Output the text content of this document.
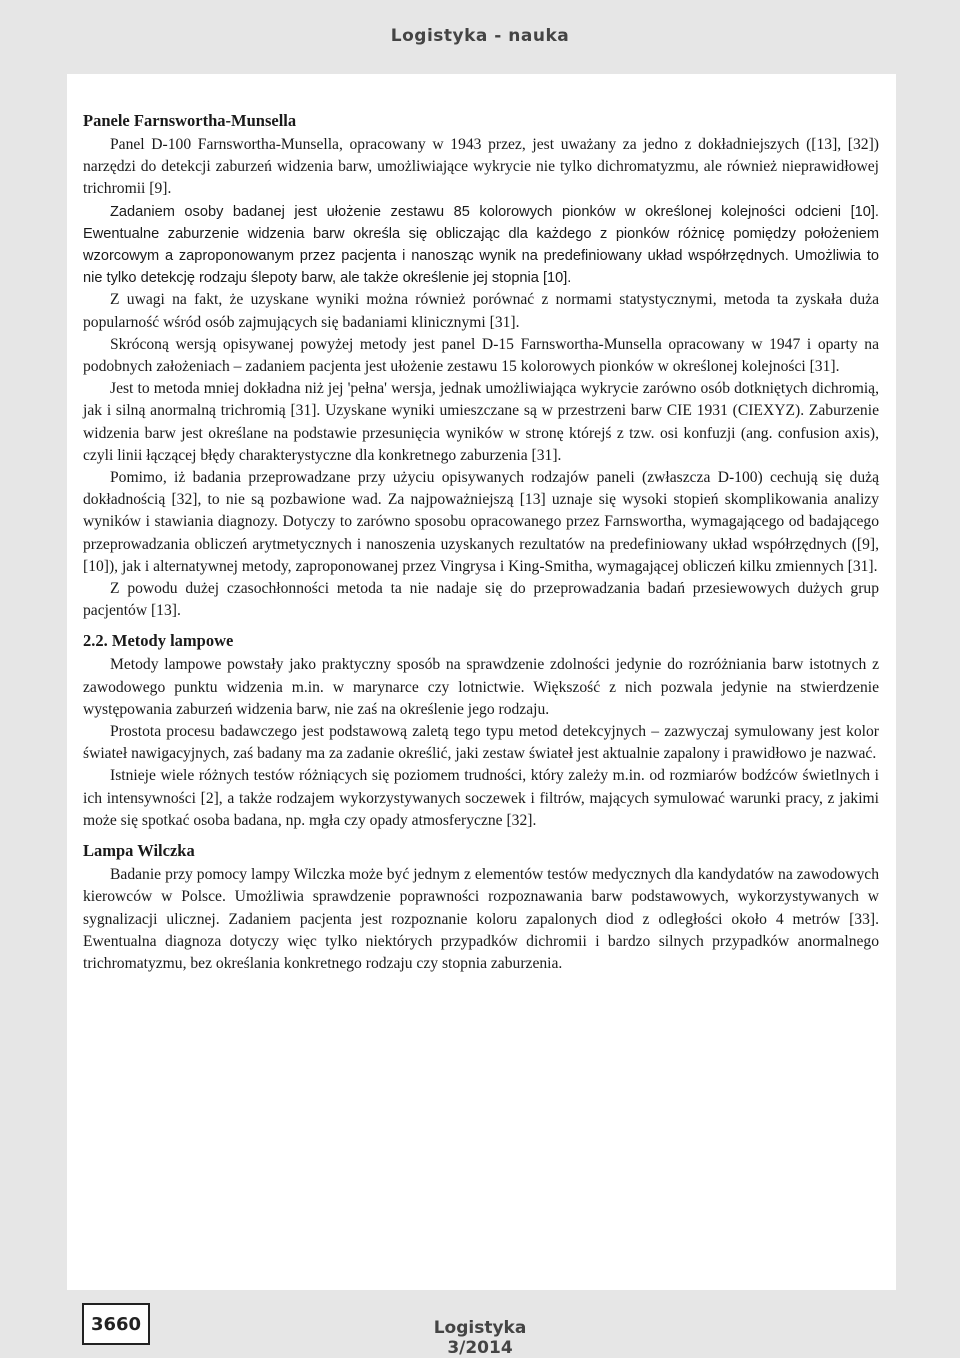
Logistyka - nauka
Panele Farnswortha-Munsella

Panel D-100 Farnswortha-Munsella, opracowany w 1943 przez, jest uważany za jedno z dokładniejszych ([13], [32]) narzędzi do detekcji zaburzeń widzenia barw, umożliwiające wykrycie nie tylko dichromatyzmu, ale również nieprawidłowej trichromii [9].

Zadaniem osoby badanej jest ułożenie zestawu 85 kolorowych pionków w określonej kolejności odcieni [10]. Ewentualne zaburzenie widzenia barw określa się obliczając dla każdego z pionków różnicę pomiędzy położeniem wzorcowym a zaproponowanym przez pacjenta i nanosząc wynik na predefiniowany układ współrzędnych. Umożliwia to nie tylko detekcję rodzaju ślepoty barw, ale także określenie jej stopnia [10].

Z uwagi na fakt, że uzyskane wyniki można również porównać z normami statystycznymi, metoda ta zyskała duża popularność wśród osób zajmujących się badaniami klinicznymi [31].

Skróconą wersją opisywanej powyżej metody jest panel D-15 Farnswortha-Munsella opracowany w 1947 i oparty na podobnych założeniach – zadaniem pacjenta jest ułożenie zestawu 15 kolorowych pionków w określonej kolejności [31].

Jest to metoda mniej dokładna niż jej 'pełna' wersja, jednak umożliwiająca wykrycie zarówno osób dotkniętych dichromią, jak i silną anormalną trichromią [31]. Uzyskane wyniki umieszczane są w przestrzeni barw CIE 1931 (CIEXYZ). Zaburzenie widzenia barw jest określane na podstawie przesunięcia wyników w stronę którejś z tzw. osi konfuzji (ang. confusion axis), czyli linii łączącej błędy charakterystyczne dla konkretnego zaburzenia [31].

Pomimo, iż badania przeprowadzane przy użyciu opisywanych rodzajów paneli (zwłaszcza D-100) cechują się dużą dokładnością [32], to nie są pozbawione wad. Za najpoważniejszą [13] uznaje się wysoki stopień skomplikowania analizy wyników i stawiania diagnozy. Dotyczy to zarówno sposobu opracowanego przez Farnswortha, wymagającego od badającego przeprowadzania obliczeń arytmetycznych i nanoszenia uzyskanych rezultatów na predefiniowany układ współrzędnych ([9], [10]), jak i alternatywnej metody, zaproponowanej przez Vingrysa i King-Smitha, wymagającej obliczeń kilku zmiennych [31].

Z powodu dużej czasochłonności metoda ta nie nadaje się do przeprowadzania badań przesiewowych dużych grup pacjentów [13].

2.2. Metody lampowe

Metody lampowe powstały jako praktyczny sposób na sprawdzenie zdolności jedynie do rozróżniania barw istotnych z zawodowego punktu widzenia m.in. w marynarce czy lotnictwie. Większość z nich pozwala jedynie na stwierdzenie występowania zaburzeń widzenia barw, nie zaś na określenie jego rodzaju.

Prostota procesu badawczego jest podstawową zaletą tego typu metod detekcyjnych – zazwyczaj symulowany jest kolor świateł nawigacyjnych, zaś badany ma za zadanie określić, jaki zestaw świateł jest aktualnie zapalony i prawidłowo je nazwać.

Istnieje wiele różnych testów różniących się poziomem trudności, który zależy m.in. od rozmiarów bodźców świetlnych i ich intensywności [2], a także rodzajem wykorzystywanych soczewek i filtrów, mających symulować warunki pracy, z jakimi może się spotkać osoba badana, np. mgła czy opady atmosferyczne [32].

Lampa Wilczka

Badanie przy pomocy lampy Wilczka może być jednym z elementów testów medycznych dla kandydatów na zawodowych kierowców w Polsce. Umożliwia sprawdzenie poprawności rozpoznawania barw podstawowych, wykorzystywanych w sygnalizacji ulicznej. Zadaniem pacjenta jest rozpoznanie koloru zapalonych diod z odległości około 4 metrów [33]. Ewentualna diagnoza dotyczy więc tylko niektórych przypadków dichromii i bardzo silnych przypadków anormalnego trichromatyzmu, bez określania konkretnego rodzaju czy stopnia zaburzenia.

3660	Logistyka 3/2014
